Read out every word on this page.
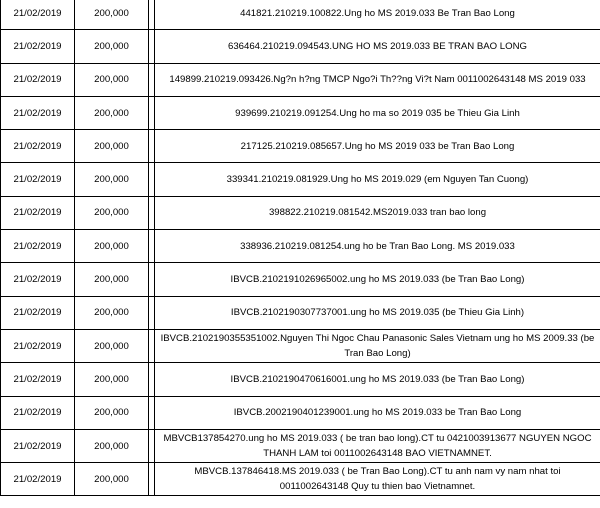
21/02/2019	200,000		441821.210219.100822.Ung ho MS 2019.033 Be Tran Bao Long
21/02/2019	200,000		636464.210219.094543.UNG HO MS 2019.033 BE TRAN BAO LONG
21/02/2019	200,000		149899.210219.093426.Ng?n h?ng TMCP Ngo?i Th??ng Vi?t Nam 0011002643148 MS 2019 033
21/02/2019	200,000		939699.210219.091254.Ung ho ma so 2019 035 be Thieu Gia Linh
21/02/2019	200,000		217125.210219.085657.Ung ho MS 2019 033 be Tran Bao Long
21/02/2019	200,000		339341.210219.081929.Ung ho MS 2019.029 (em Nguyen Tan Cuong)
21/02/2019	200,000		398822.210219.081542.MS2019.033 tran bao long
21/02/2019	200,000		338936.210219.081254.ung ho be Tran Bao Long. MS 2019.033
21/02/2019	200,000		IBVCB.2102191026965002.ung ho MS 2019.033 (be Tran Bao Long)
21/02/2019	200,000		IBVCB.2102190307737001.ung ho MS 2019.035 (be Thieu Gia Linh)
21/02/2019	200,000		IBVCB.2102190355351002.Nguyen Thi Ngoc Chau Panasonic Sales Vietnam ung ho MS 2009.33 (be Tran Bao Long)
21/02/2019	200,000		IBVCB.2102190470616001.ung ho MS 2019.033 (be Tran Bao Long)
21/02/2019	200,000		IBVCB.2002190401239001.ung ho MS 2019.033 be Tran Bao Long
21/02/2019	200,000		MBVCB137854270.ung ho MS 2019.033 ( be tran bao long).CT tu 0421003913677 NGUYEN NGOC THANH LAM toi 0011002643148 BAO VIETNAMNET.
21/02/2019	200,000		MBVCB.137846418.MS 2019.033 ( be Tran Bao Long).CT tu anh nam vy nam nhat toi 0011002643148 Quy tu thien bao Vietnamnet.
